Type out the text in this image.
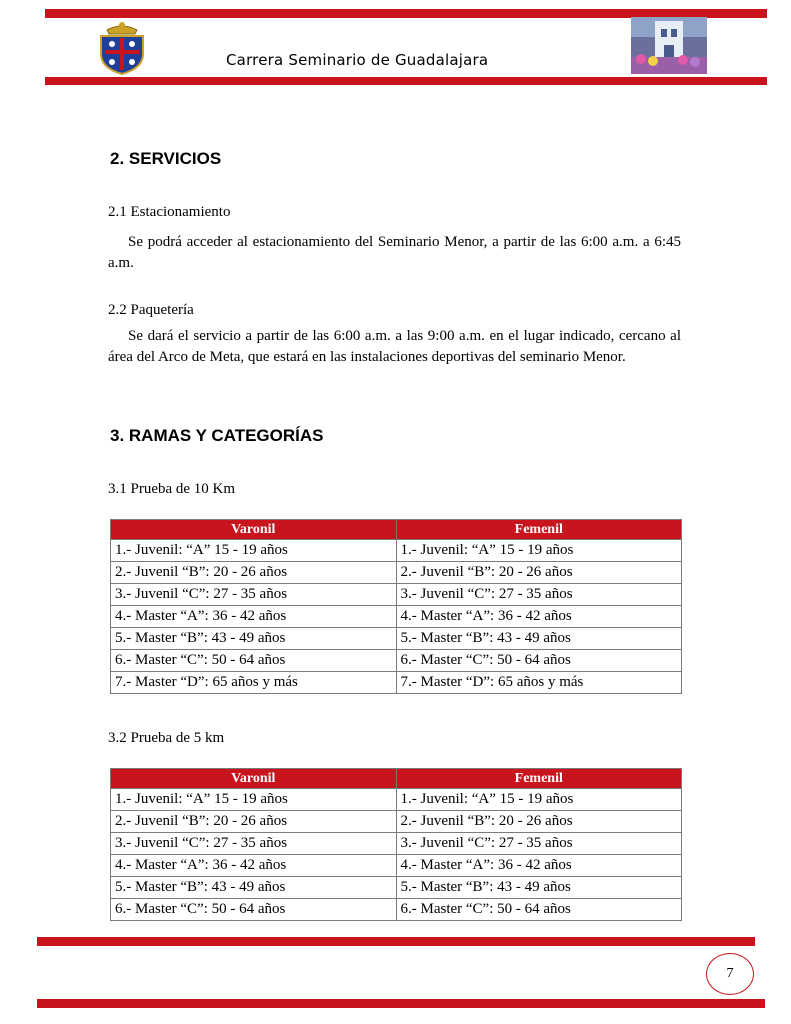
Carrera Seminario de Guadalajara
2. SERVICIOS
2.1 Estacionamiento
Se podrá acceder al estacionamiento del Seminario Menor, a partir de las 6:00 a.m. a 6:45 a.m.
2.2 Paquetería
Se dará el servicio a partir de las 6:00 a.m. a las 9:00 a.m. en el lugar indicado, cercano al área del Arco de Meta, que estará en las instalaciones deportivas del seminario Menor.
3. RAMAS Y CATEGORÍAS
3.1 Prueba de 10 Km
Varonil	Femenil
1.- Juvenil: “A” 15 - 19 años	1.- Juvenil: “A” 15 - 19 años
2.- Juvenil “B”: 20 - 26 años	2.- Juvenil “B”: 20 - 26 años
3.- Juvenil “C”: 27 - 35 años	3.- Juvenil “C”: 27 - 35 años
4.- Master “A”: 36 - 42 años	4.- Master “A”: 36 - 42 años
5.- Master “B”: 43 - 49 años	5.- Master “B”: 43 - 49 años
6.- Master “C”: 50 - 64 años	6.- Master “C”: 50 - 64 años
7.- Master “D”: 65 años y más	7.- Master “D”: 65 años y más
3.2 Prueba de 5 km
Varonil	Femenil
1.- Juvenil: “A” 15 - 19 años	1.- Juvenil: “A” 15 - 19 años
2.- Juvenil “B”: 20 - 26 años	2.- Juvenil “B”: 20 - 26 años
3.- Juvenil “C”: 27 - 35 años	3.- Juvenil “C”: 27 - 35 años
4.- Master “A”: 36 - 42 años	4.- Master “A”: 36 - 42 años
5.- Master “B”: 43 - 49 años	5.- Master “B”: 43 - 49 años
6.- Master “C”: 50 - 64 años	6.- Master “C”: 50 - 64 años
7
